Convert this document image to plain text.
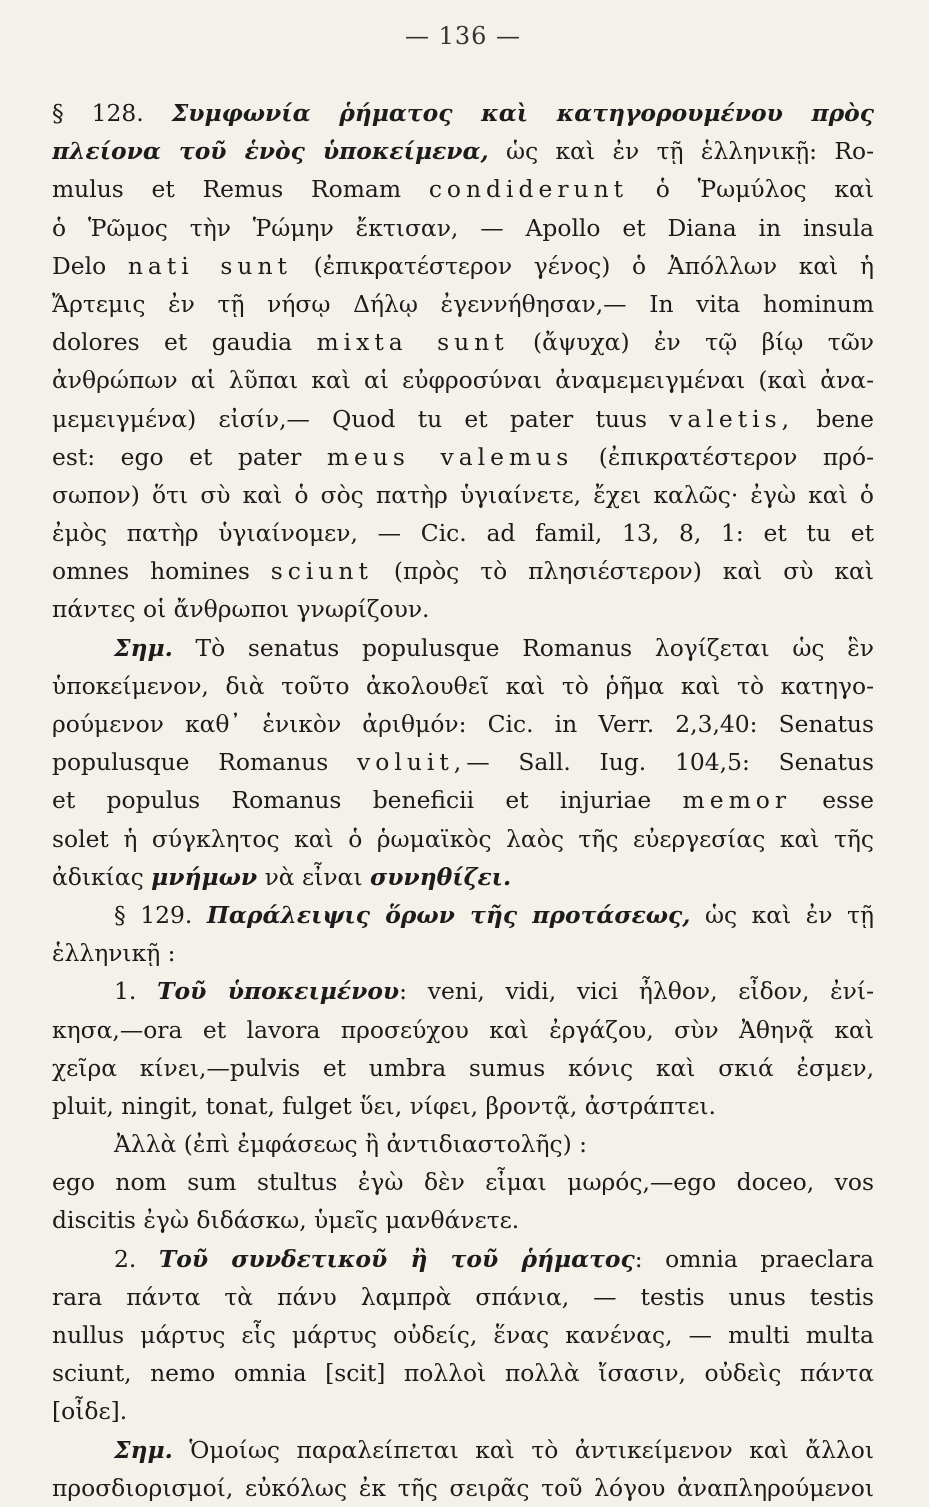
— 136 —
§ 128. Συμφωνία ῥήματος καὶ κατηγορουμένου πρὸς
πλείονα τοῦ ἑνὸς ὑποκείμενα, ὡς καὶ ἐν τῇ ἑλληνικῇ: Ro-
mulus et Remus Romam condiderunt ὁ Ῥωμύλος καὶ
ὁ Ῥῶμος τὴν Ῥώμην ἔκτισαν, — Apollo et Diana in insula
Delo nati sunt (ἐπικρατέστερον γένος) ὁ Ἀπόλλων καὶ ἡ
Ἄρτεμις ἐν τῇ νήσῳ Δήλῳ ἐγεννήθησαν,— In vita hominum
dolores et gaudia mixta sunt (ἄψυχα) ἐν τῷ βίῳ τῶν
ἀνθρώπων αἱ λῦπαι καὶ αἱ εὐφροσύναι ἀναμεμειγμέναι (καὶ ἀνα-
μεμειγμένα) εἰσίν,— Quod tu et pater tuus valetis, bene
est: ego et pater meus valemus (ἐπικρατέστερον πρό-
σωπον) ὅτι σὺ καὶ ὁ σὸς πατὴρ ὑγιαίνετε, ἔχει καλῶς· ἐγὼ καὶ ὁ
ἐμὸς πατὴρ ὑγιαίνομεν, — Cic. ad famil, 13, 8, 1: et tu et
omnes homines sciunt (πρὸς τὸ πλησιέστερον) καὶ σὺ καὶ
πάντες οἱ ἄνθρωποι γνωρίζουν.
Σημ. Τὸ senatus populusque Romanus λογίζεται ὡς ἓν
ὑποκείμενον, διὰ τοῦτο ἀκολουθεῖ καὶ τὸ ῥῆμα καὶ τὸ κατηγο-
ρούμενον καθ᾽ ἑνικὸν ἀριθμόν: Cic. in Verr. 2,3,40: Senatus
populusque Romanus voluit,— Sall. Iug. 104,5: Senatus
et populus Romanus beneficii et injuriae memor esse
solet ἡ σύγκλητος καὶ ὁ ῥωμαϊκὸς λαὸς τῆς εὐεργεσίας καὶ τῆς
ἀδικίας μνήμων νὰ εἶναι συνηθίζει.
§ 129. Παράλειψις ὅρων τῆς προτάσεως, ὡς καὶ ἐν τῇ
ἑλληνικῇ :
1. Τοῦ ὑποκειμένου: veni, vidi, vici ἦλθον, εἶδον, ἐνί-
κησα,—ora et lavora προσεύχου καὶ ἐργάζου, σὺν Ἀθηνᾷ καὶ
χεῖρα κίνει,—pulvis et umbra sumus κόνις καὶ σκιά ἐσμεν,
pluit, ningit, tonat, fulget ὕει, νίφει, βροντᾷ, ἀστράπτει.
Ἀλλὰ (ἐπὶ ἐμφάσεως ἢ ἀντιδιαστολῆς) :
ego nom sum stultus ἐγὼ δὲν εἶμαι μωρός,—ego doceo, vos
discitis ἐγὼ διδάσκω, ὑμεῖς μανθάνετε.
2. Τοῦ συνδετικοῦ ἢ τοῦ ῥήματος: omnia praeclara
rara πάντα τὰ πάνυ λαμπρὰ σπάνια, — testis unus testis
nullus μάρτυς εἷς μάρτυς οὐδείς, ἕνας κανένας, — multi multa
sciunt, nemo omnia [scit] πολλοὶ πολλὰ ἴσασιν, οὐδεὶς πάντα
[οἶδε].
Σημ. Ὁμοίως παραλείπεται καὶ τὸ ἀντικείμενον καὶ ἄλλοι
προσδιορισμοί, εὐκόλως ἐκ τῆς σειρᾶς τοῦ λόγου ἀναπληρούμενοι
